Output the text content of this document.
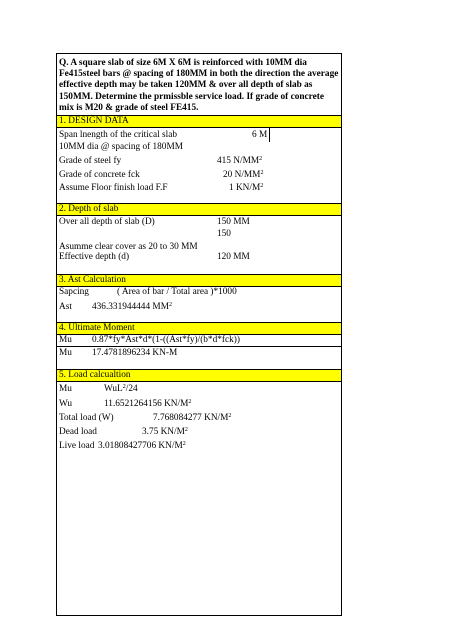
Q. A square slab of size 6M X 6M is reinforced with 10MM dia Fe415steel bars @ spacing of 180MM in both the direction the average effective depth may be taken 120MM & over all depth of slab as 150MM. Determine the prmissble service load. If grade of concrete mix is M20 & grade of steel FE415.
1. DESIGN DATA
Span lnength of the critical slab	6 M
10MM dia @ spacing of 180MM
Grade of steel fy	415 $N/MM^2$
Grade of concrete fck	20 $N/MM^2$
Assume Floor finish load F.F	1 $KN/M^2$
2. Depth of slab
Over all depth of slab (D)	150 MM
150
Asumme clear cover as 20 to 30 MM
Effective depth (d)	120 MM
3. Ast Calculation
Sapcing	( Area of bar / Total area )*1000
Ast 436.331944444 $MM^2$
4. Ultimate Moment
Mu 0.87*fy*Ast*d*(1-((Ast*fy)/(b*d*fck))
Mu 17.4781896234 KN-M
5. Load calcualtion
Mu	WuL$^2$/24
Wu	11.6521264156 $KN/M^2$
Total load (W)	7.768084277 $KN/M^2$
Dead load	3.75 $KN/M^2$
Live load 3.01808427706 $KN/M^2$
